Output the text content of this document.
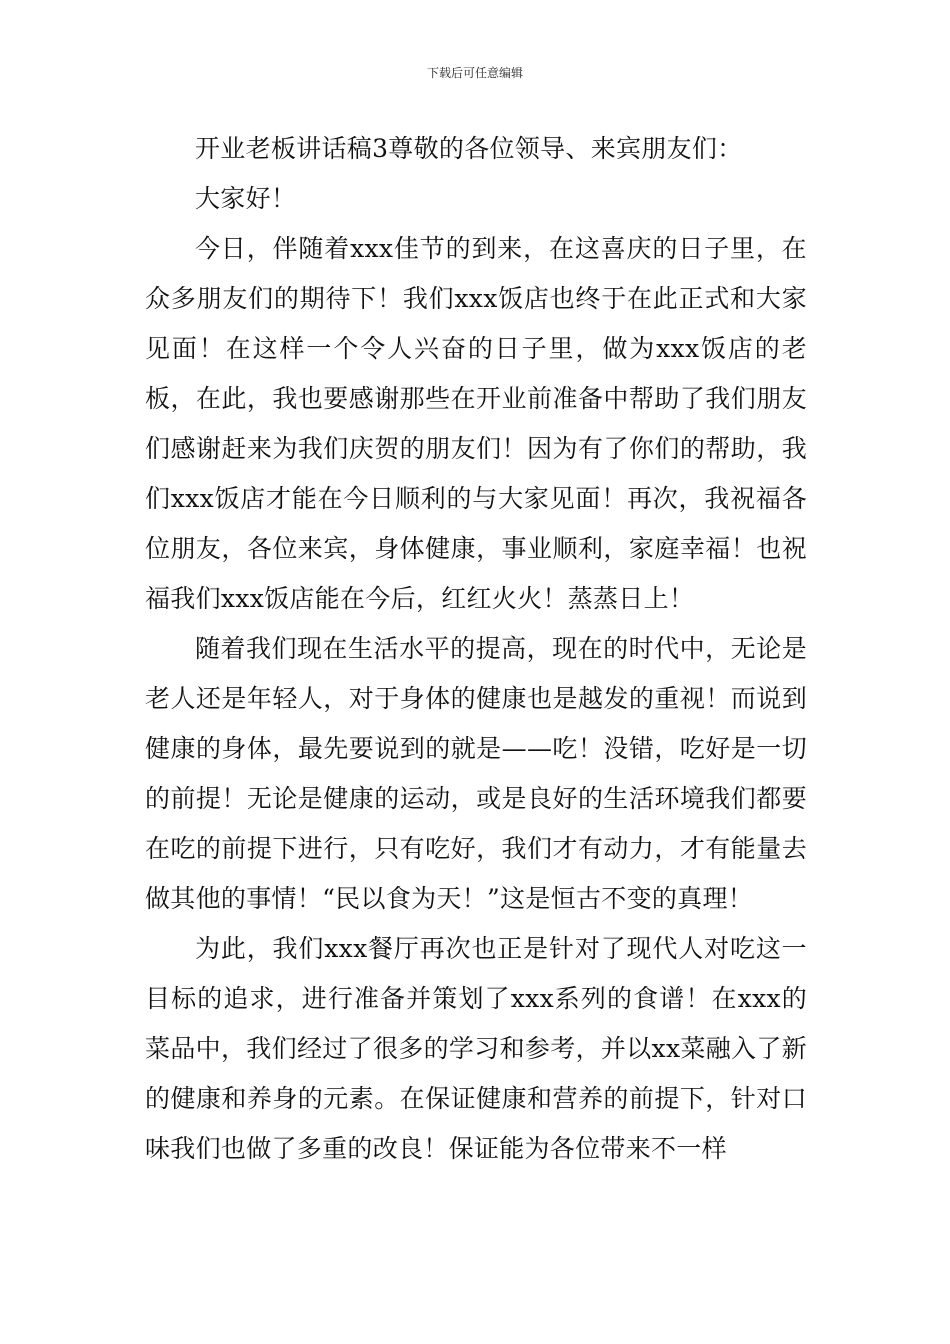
下载后可任意编辑

开业老板讲话稿3尊敬的各位领导、来宾朋友们：

大家好！

今日，伴随着xxx佳节的到来，在这喜庆的日子里，在众多朋友们的期待下！我们xxx饭店也终于在此正式和大家见面！在这样一个令人兴奋的日子里，做为xxx饭店的老板，在此，我也要感谢那些在开业前准备中帮助了我们朋友们感谢赶来为我们庆贺的朋友们！因为有了你们的帮助，我们xxx饭店才能在今日顺利的与大家见面！再次，我祝福各位朋友，各位来宾，身体健康，事业顺利，家庭幸福！也祝福我们xxx饭店能在今后，红红火火！蒸蒸日上！

随着我们现在生活水平的提高，现在的时代中，无论是老人还是年轻人，对于身体的健康也是越发的重视！而说到健康的身体，最先要说到的就是——吃！没错，吃好是一切的前提！无论是健康的运动，或是良好的生活环境我们都要在吃的前提下进行，只有吃好，我们才有动力，才有能量去做其他的事情！“民以食为天！”这是恒古不变的真理！

为此，我们xxx餐厅再次也正是针对了现代人对吃这一目标的追求，进行准备并策划了xxx系列的食谱！在xxx的菜品中，我们经过了很多的学习和参考，并以xx菜融入了新的健康和养身的元素。在保证健康和营养的前提下，针对口味我们也做了多重的改良！保证能为各位带来不一样
